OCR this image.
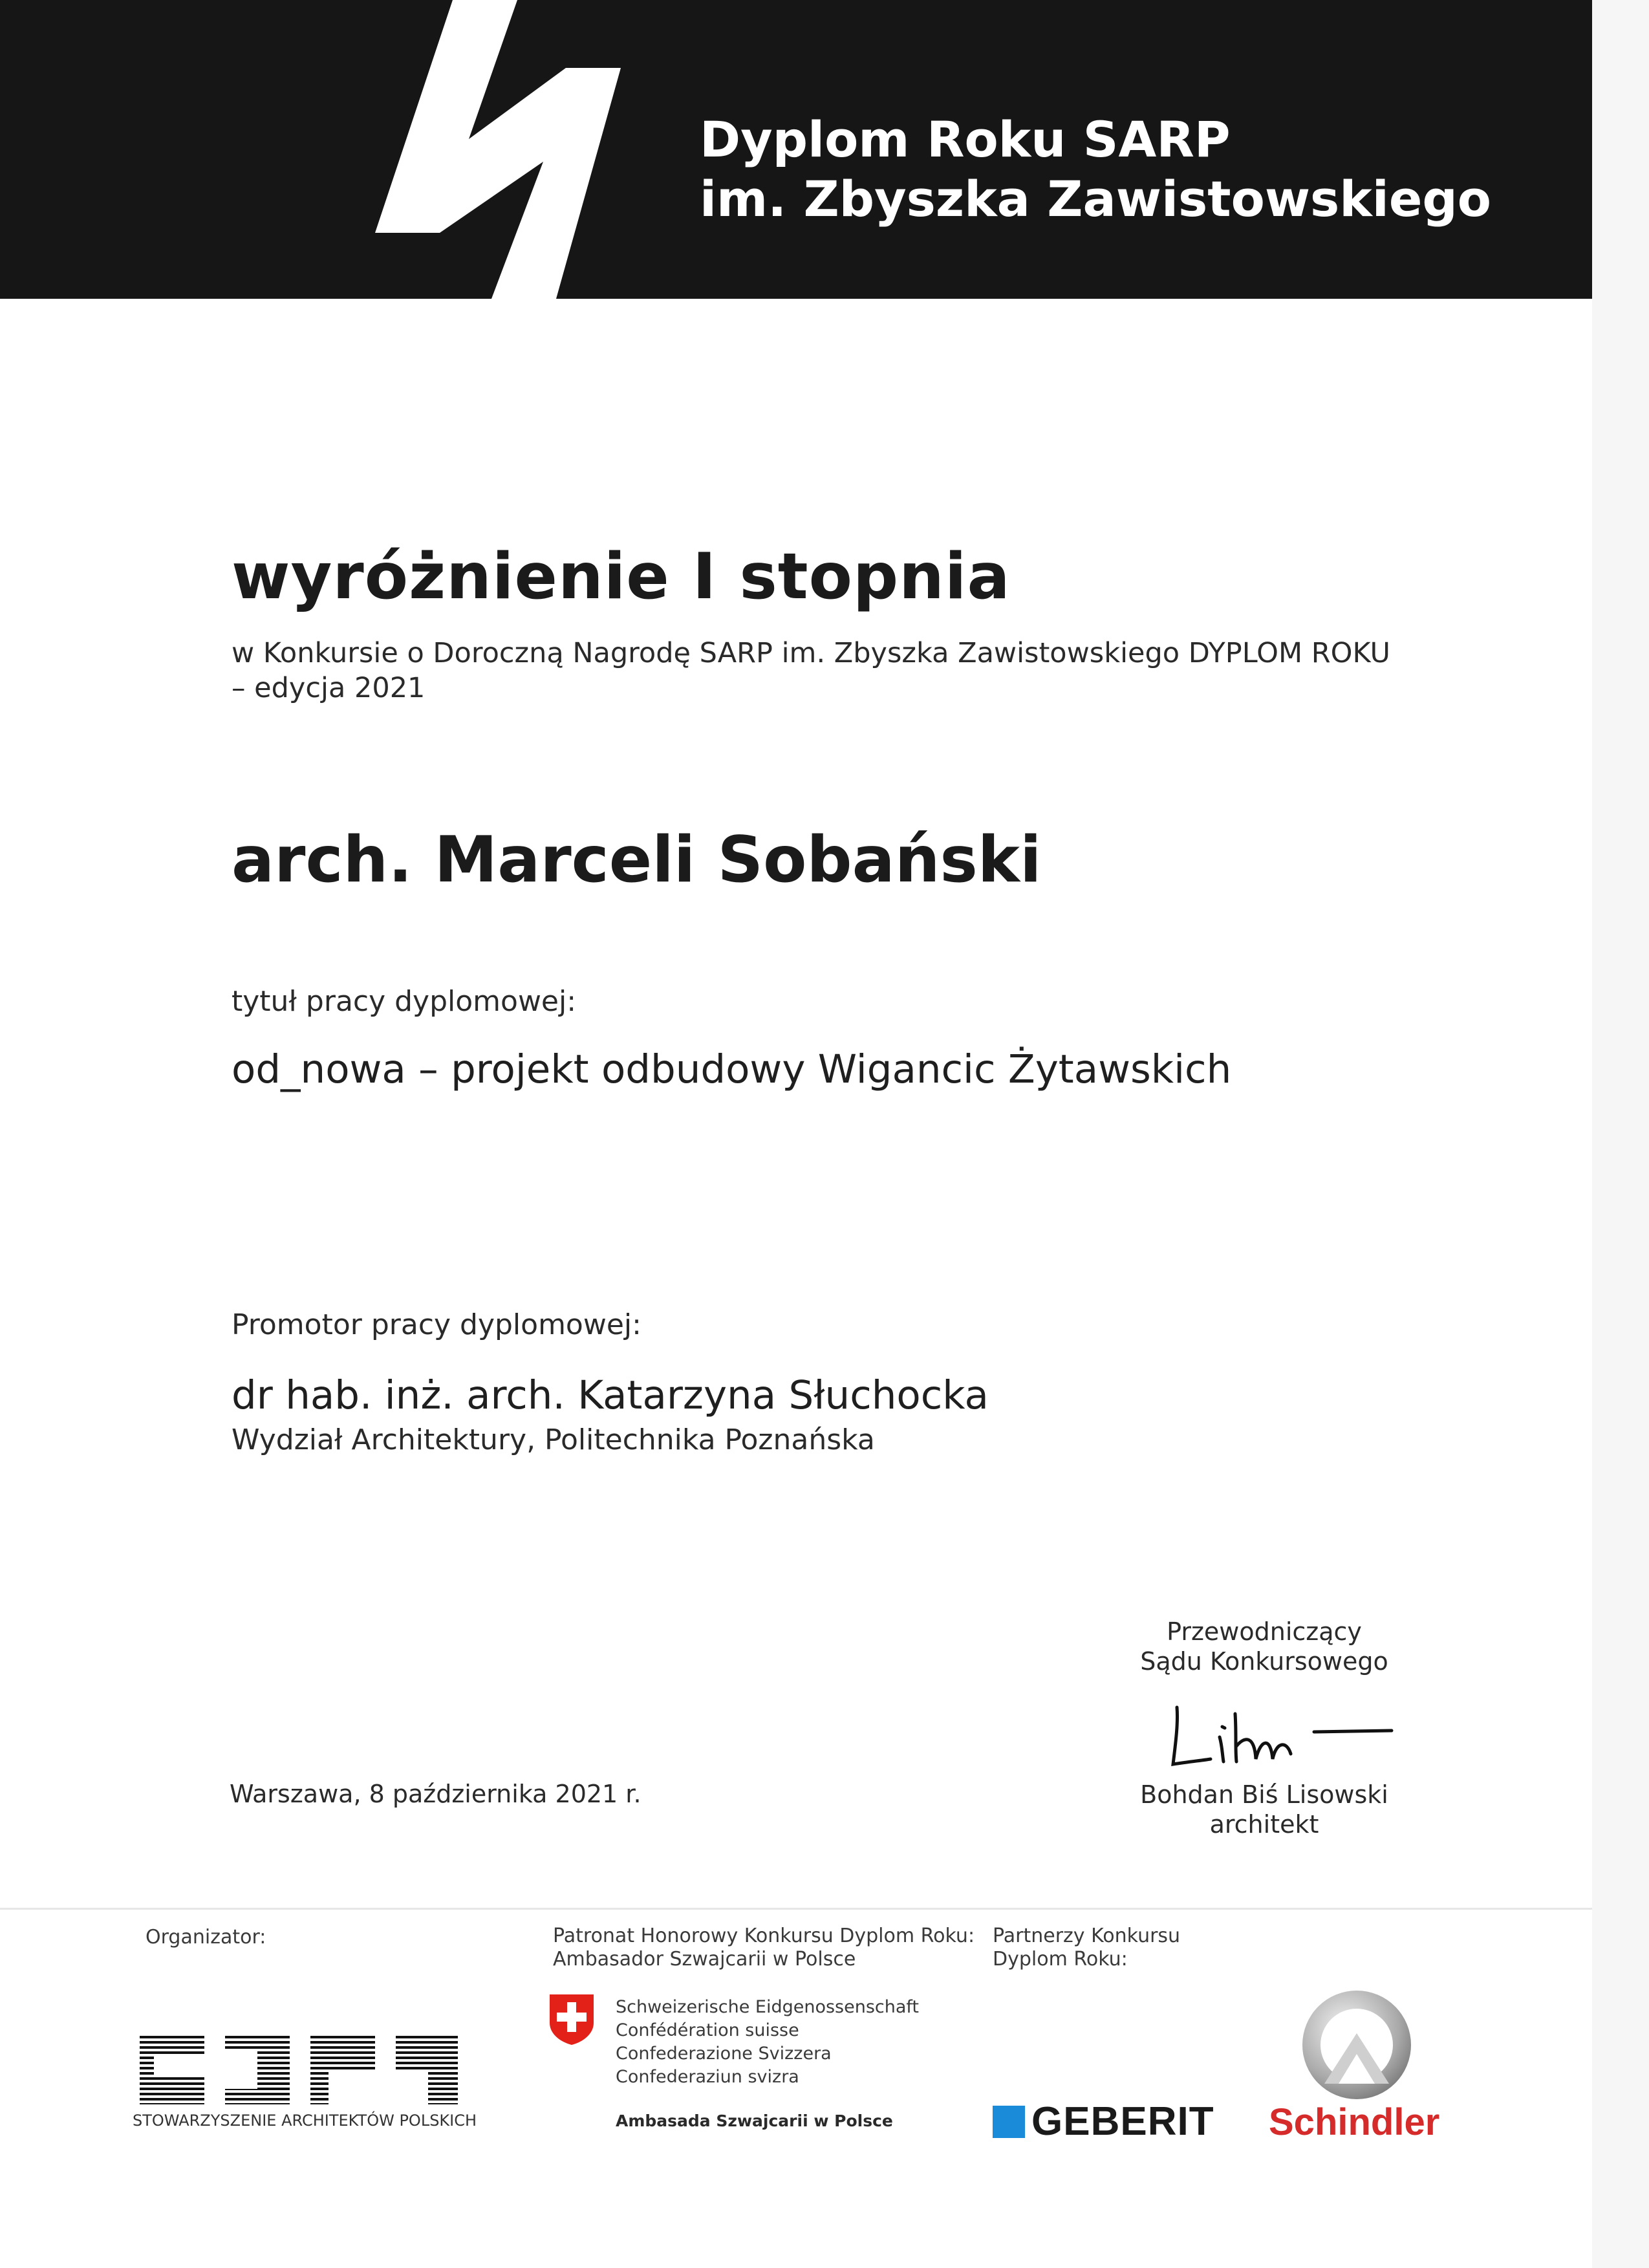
Dyplom Roku SARP
im. Zbyszka Zawistowskiego
wyróżnienie I stopnia
w Konkursie o Doroczną Nagrodę SARP im. Zbyszka Zawistowskiego DYPLOM ROKU
– edycja 2021
arch. Marceli Sobański
tytuł pracy dyplomowej:
od_nowa – projekt odbudowy Wigancic Żytawskich
Promotor pracy dyplomowej:
dr hab. inż. arch. Katarzyna Słuchocka
Wydział Architektury, Politechnika Poznańska
Przewodniczący
Sądu Konkursowego
Bohdan Biś Lisowski
architekt
Warszawa, 8 października 2021 r.
Organizator:
STOWARZYSZENIE ARCHITEKTÓW POLSKICH
Patronat Honorowy Konkursu Dyplom Roku:
Ambasador Szwajcarii w Polsce
Schweizerische Eidgenossenschaft
Confédération suisse
Confederazione Svizzera
Confederaziun svizra
Ambasada Szwajcarii w Polsce
Partnerzy Konkursu
Dyplom Roku:
GEBERIT Schindler
